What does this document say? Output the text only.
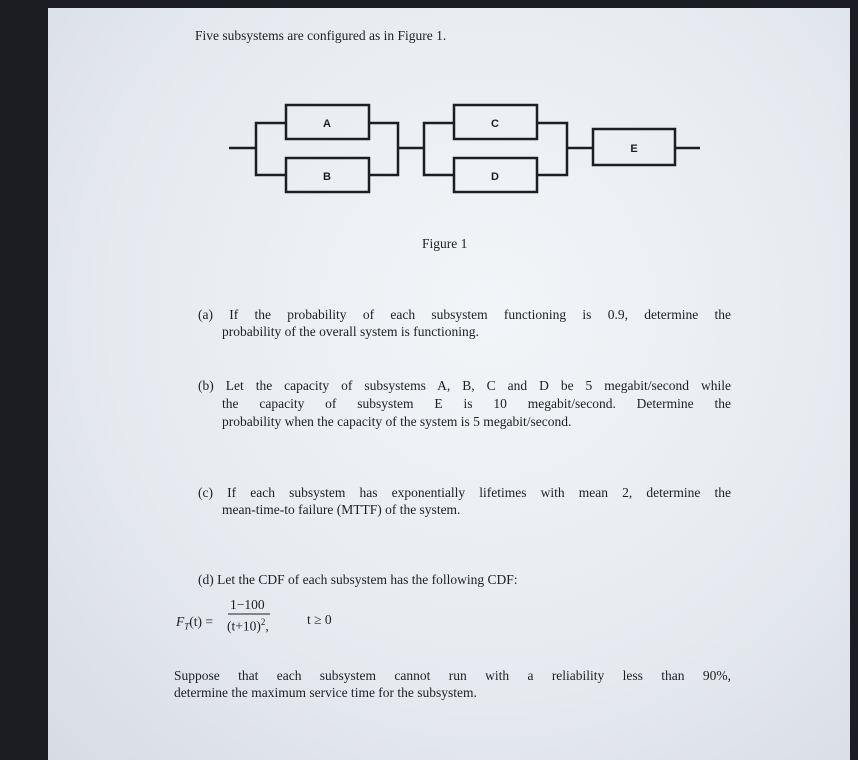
Five subsystems are configured as in Figure 1.
A
B
C
D
E
Figure 1
(a) If the probability of each subsystem functioning is 0.9, determine the
probability of the overall system is functioning.
(b) Let the capacity of subsystems A, B, C and D be 5 megabit/second while
the capacity of subsystem E is 10 megabit/second. Determine the
probability when the capacity of the system is 5 megabit/second.
(c) If each subsystem has exponentially lifetimes with mean 2, determine the
mean-time-to failure (MTTF) of the system.
(d) Let the CDF of each subsystem has the following CDF:
$F_T(t)$ =
1−100
$(t+10)^2$,	t ≥ 0
Suppose that each subsystem cannot run with a reliability less than 90%,
determine the maximum service time for the subsystem.
